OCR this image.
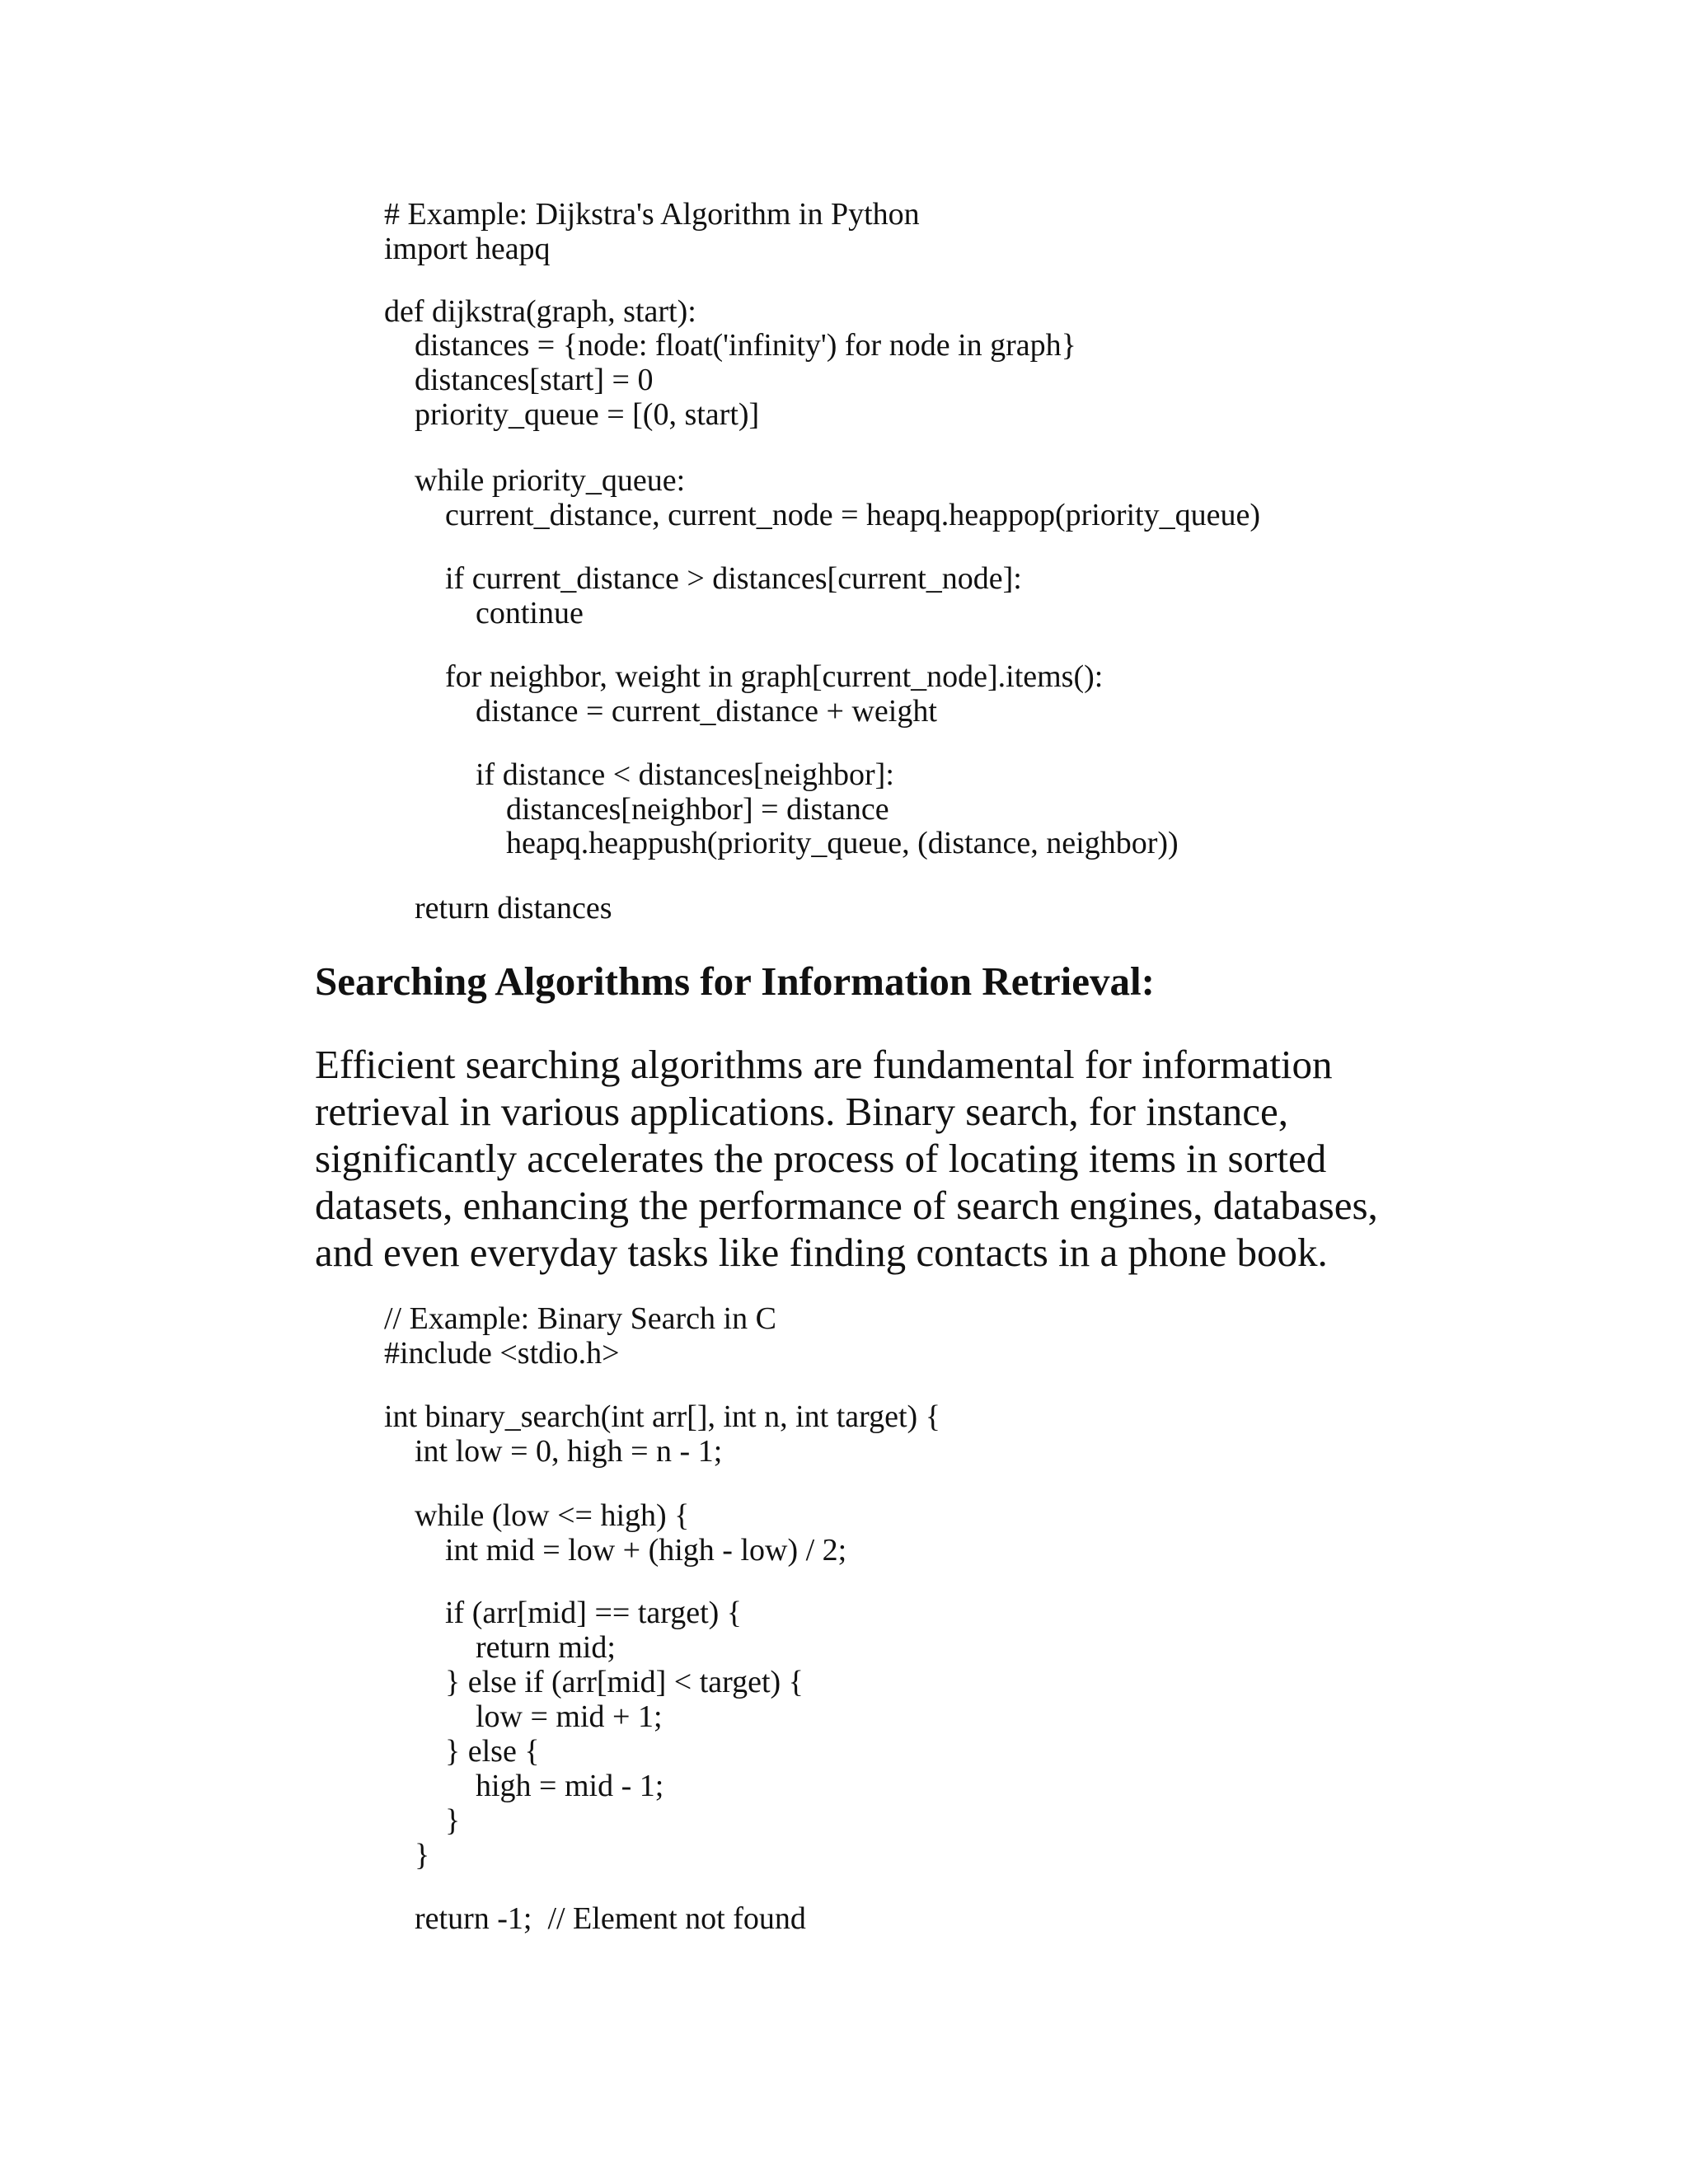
# Example: Dijkstra's Algorithm in Python
import heapq
def dijkstra(graph, start):
distances = {node: float('infinity') for node in graph}
distances[start] = 0
priority_queue = [(0, start)]
while priority_queue:
current_distance, current_node = heapq.heappop(priority_queue)
if current_distance > distances[current_node]:
continue
for neighbor, weight in graph[current_node].items():
distance = current_distance + weight
if distance < distances[neighbor]:
distances[neighbor] = distance
heapq.heappush(priority_queue, (distance, neighbor))
return distances
Searching Algorithms for Information Retrieval:
Efficient searching algorithms are fundamental for information
retrieval in various applications. Binary search, for instance,
significantly accelerates the process of locating items in sorted
datasets, enhancing the performance of search engines, databases,
and even everyday tasks like finding contacts in a phone book.
// Example: Binary Search in C
#include <stdio.h>
int binary_search(int arr[], int n, int target) {
int low = 0, high = n - 1;
while (low <= high) {
int mid = low + (high - low) / 2;
if (arr[mid] == target) {
return mid;
} else if (arr[mid] < target) {
low = mid + 1;
} else {
high = mid - 1;
}
}
return -1;  // Element not found
